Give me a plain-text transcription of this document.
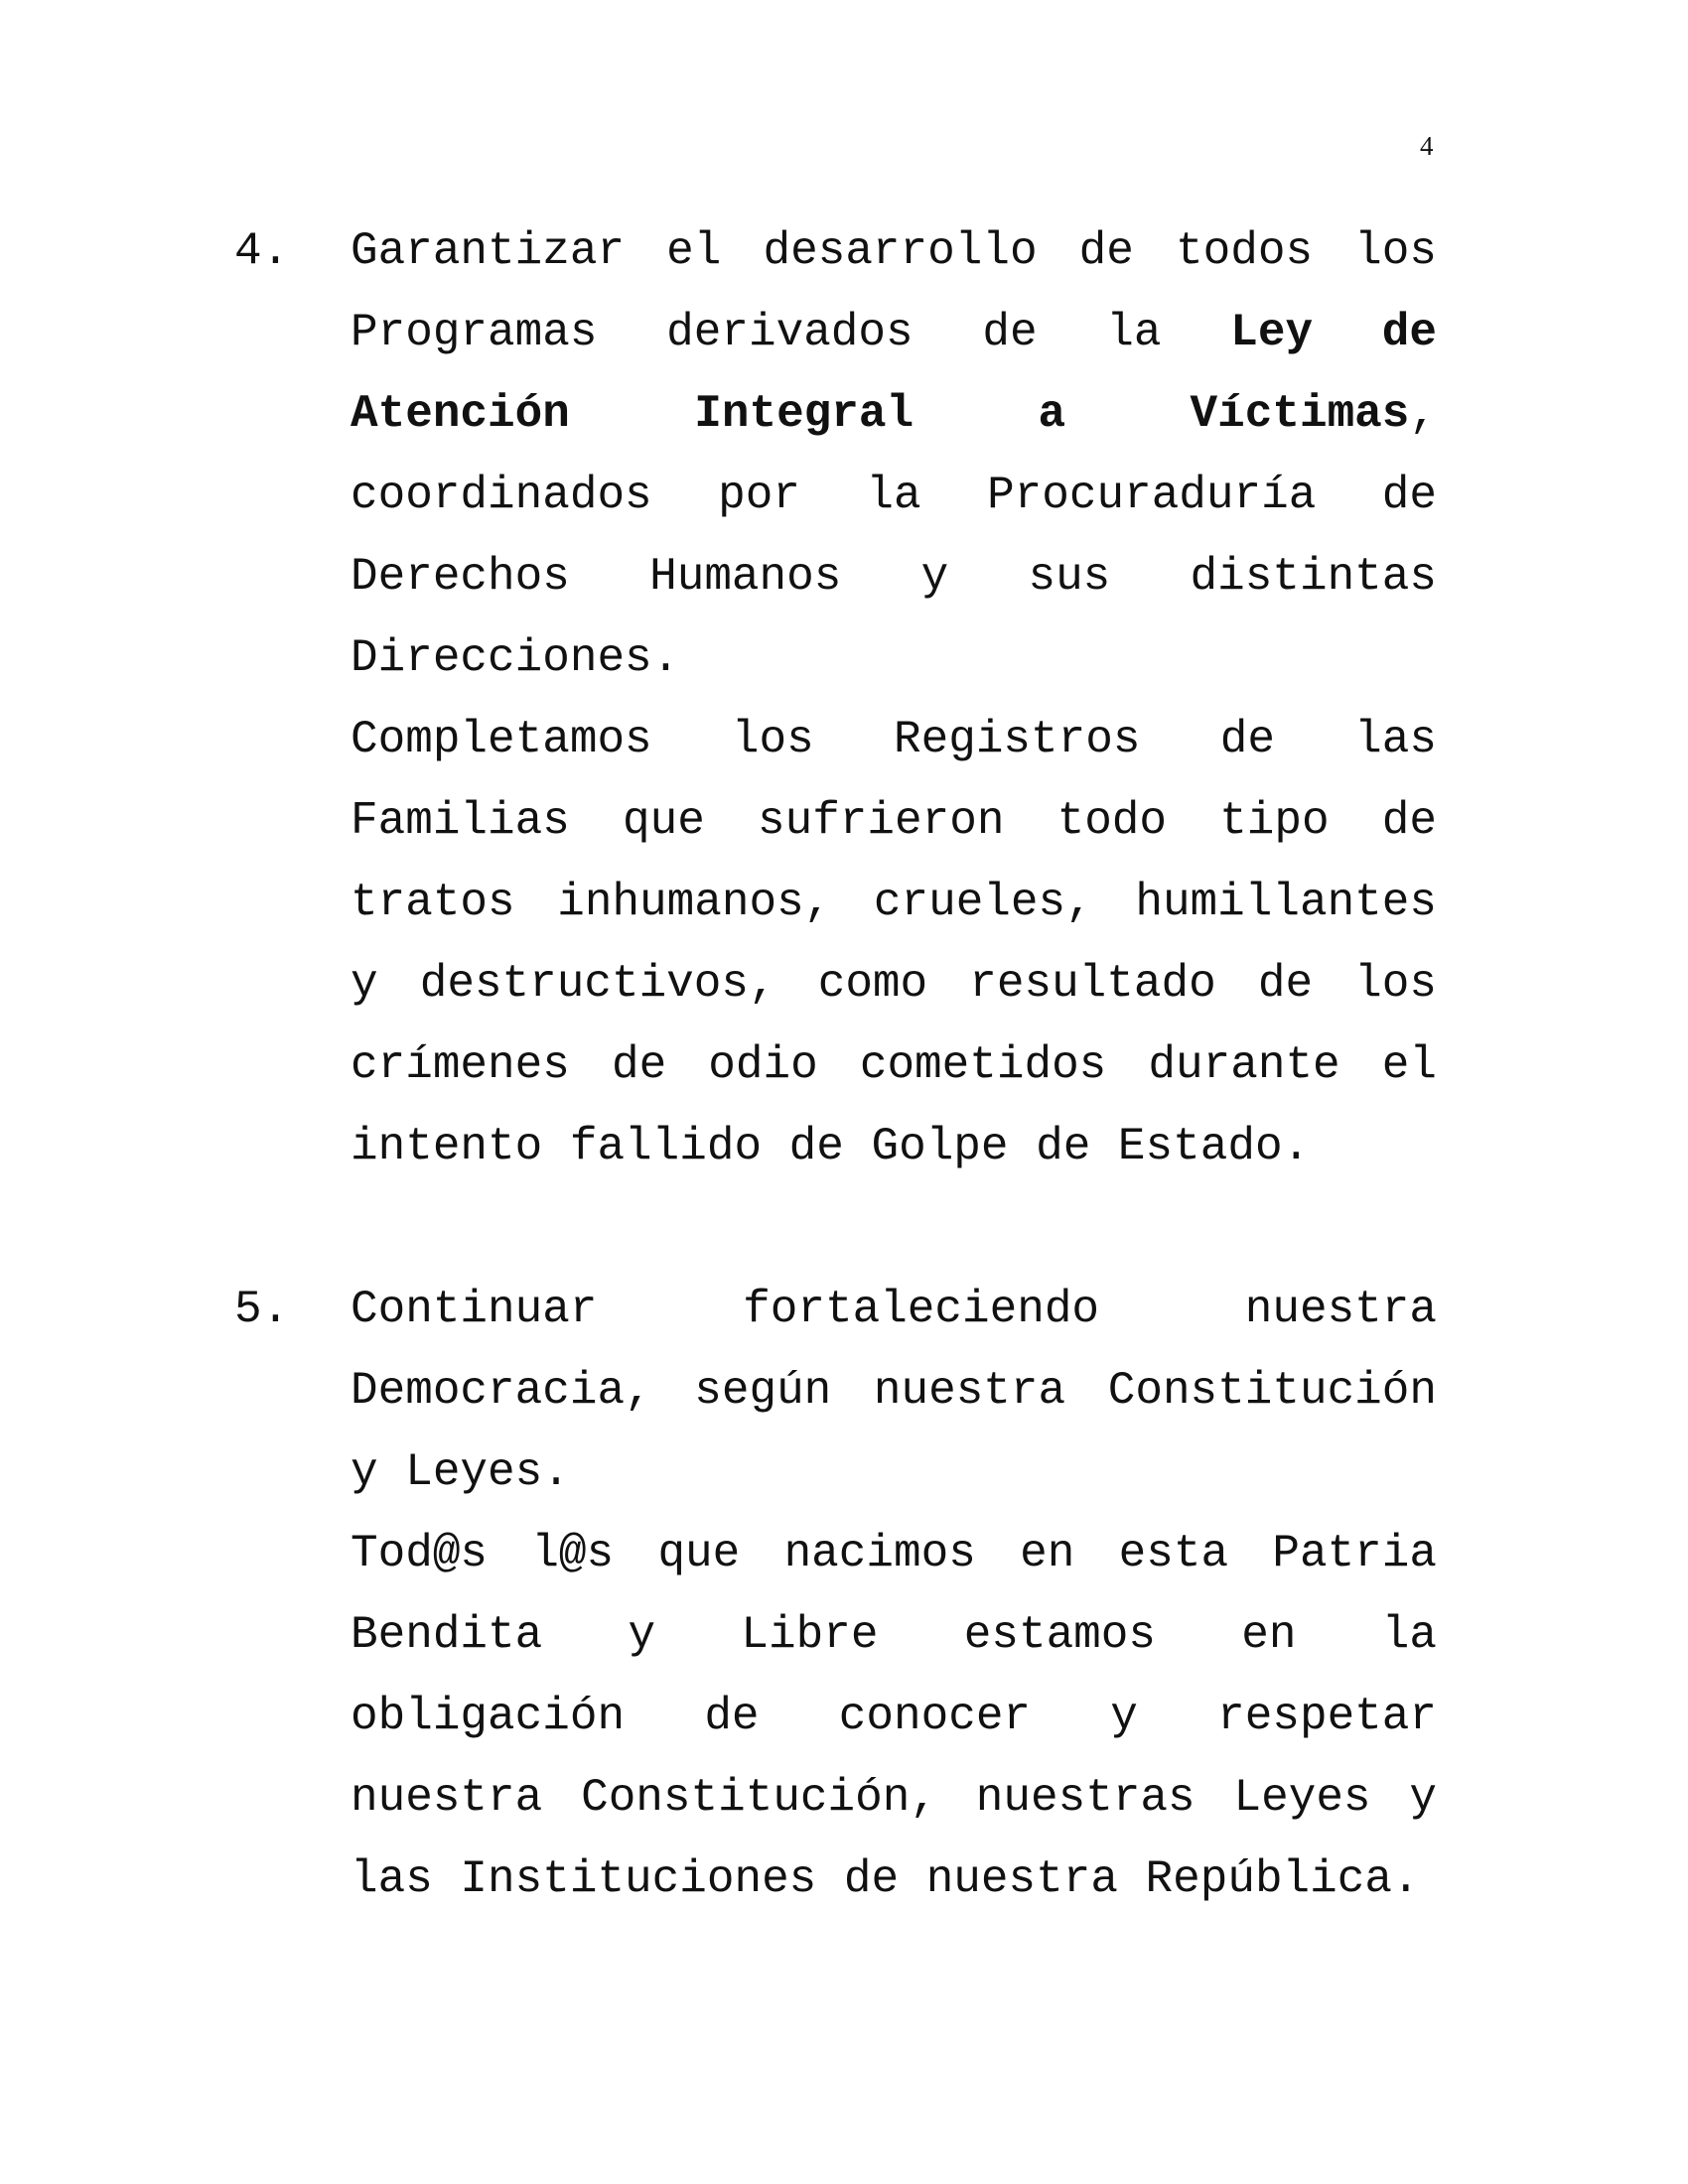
4
4. Garantizar el desarrollo de todos los Programas derivados de la Ley de Atención Integral a Víctimas, coordinados por la Procuraduría de Derechos Humanos y sus distintas Direcciones.

Completamos los Registros de las Familias que sufrieron todo tipo de tratos inhumanos, crueles, humillantes y destructivos, como resultado de los crímenes de odio cometidos durante el intento fallido de Golpe de Estado.

5. Continuar fortaleciendo nuestra Democracia, según nuestra Constitución y Leyes.

Tod@s l@s que nacimos en esta Patria Bendita y Libre estamos en la obligación de conocer y respetar nuestra Constitución, nuestras Leyes y las Instituciones de nuestra República.
